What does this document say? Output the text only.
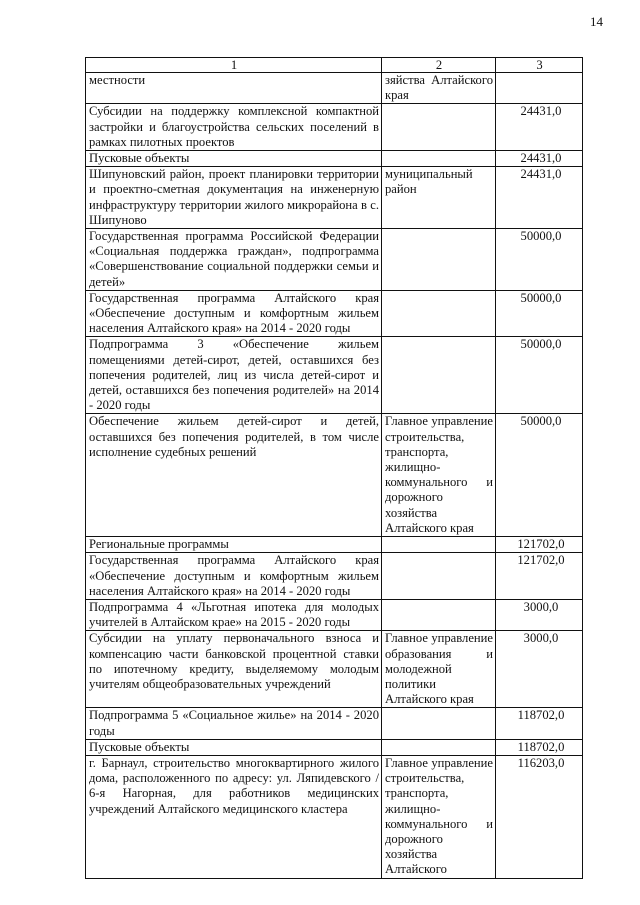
14
1	2	3
местности	зяйства Алтайского края	
Субсидии на поддержку комплексной компактной застройки и благоустройства сельских поселений в рамках пилотных проектов		24431,0
Пусковые объекты		24431,0
Шипуновский район, проект планировки территории и проектно-сметная документация на инженерную инфраструктуру территории жилого микрорайона в с. Шипуново	муниципальный район	24431,0
Государственная программа Российской Федерации «Социальная поддержка граждан», подпрограмма «Совершенствование социальной поддержки семьи и детей»		50000,0
Государственная программа Алтайского края «Обеспечение доступным и комфортным жильем населения Алтайского края» на 2014 - 2020 годы		50000,0
Подпрограмма 3 «Обеспечение жильем помещениями детей-сирот, детей, оставшихся без попечения родителей, лиц из числа детей-сирот и детей, оставшихся без попечения родителей» на 2014 - 2020 годы		50000,0
Обеспечение жильем детей-сирот и детей, оставшихся без попечения родителей, в том числе исполнение судебных решений	Главное управление строительства, транспорта, жилищно-коммунального и дорожного хозяйства Алтайского края	50000,0
Региональные программы		121702,0
Государственная программа Алтайского края «Обеспечение доступным и комфортным жильем населения Алтайского края» на 2014 - 2020 годы		121702,0
Подпрограмма 4 «Льготная ипотека для молодых учителей в Алтайском крае» на 2015 - 2020 годы		3000,0
Субсидии на уплату первоначального взноса и компенсацию части банковской процентной ставки по ипотечному кредиту, выделяемому молодым учителям общеобразовательных учреждений	Главное управление образования и молодежной политики Алтайского края	3000,0
Подпрограмма 5 «Социальное жилье» на 2014 - 2020 годы		118702,0
Пусковые объекты		118702,0
г. Барнаул, строительство многоквартирного жилого дома, расположенного по адресу: ул. Ляпидевского / 6-я Нагорная, для работников медицинских учреждений Алтайского медицинского кластера	Главное управление строительства, транспорта, жилищно-коммунального и дорожного хозяйства Алтайского	116203,0
